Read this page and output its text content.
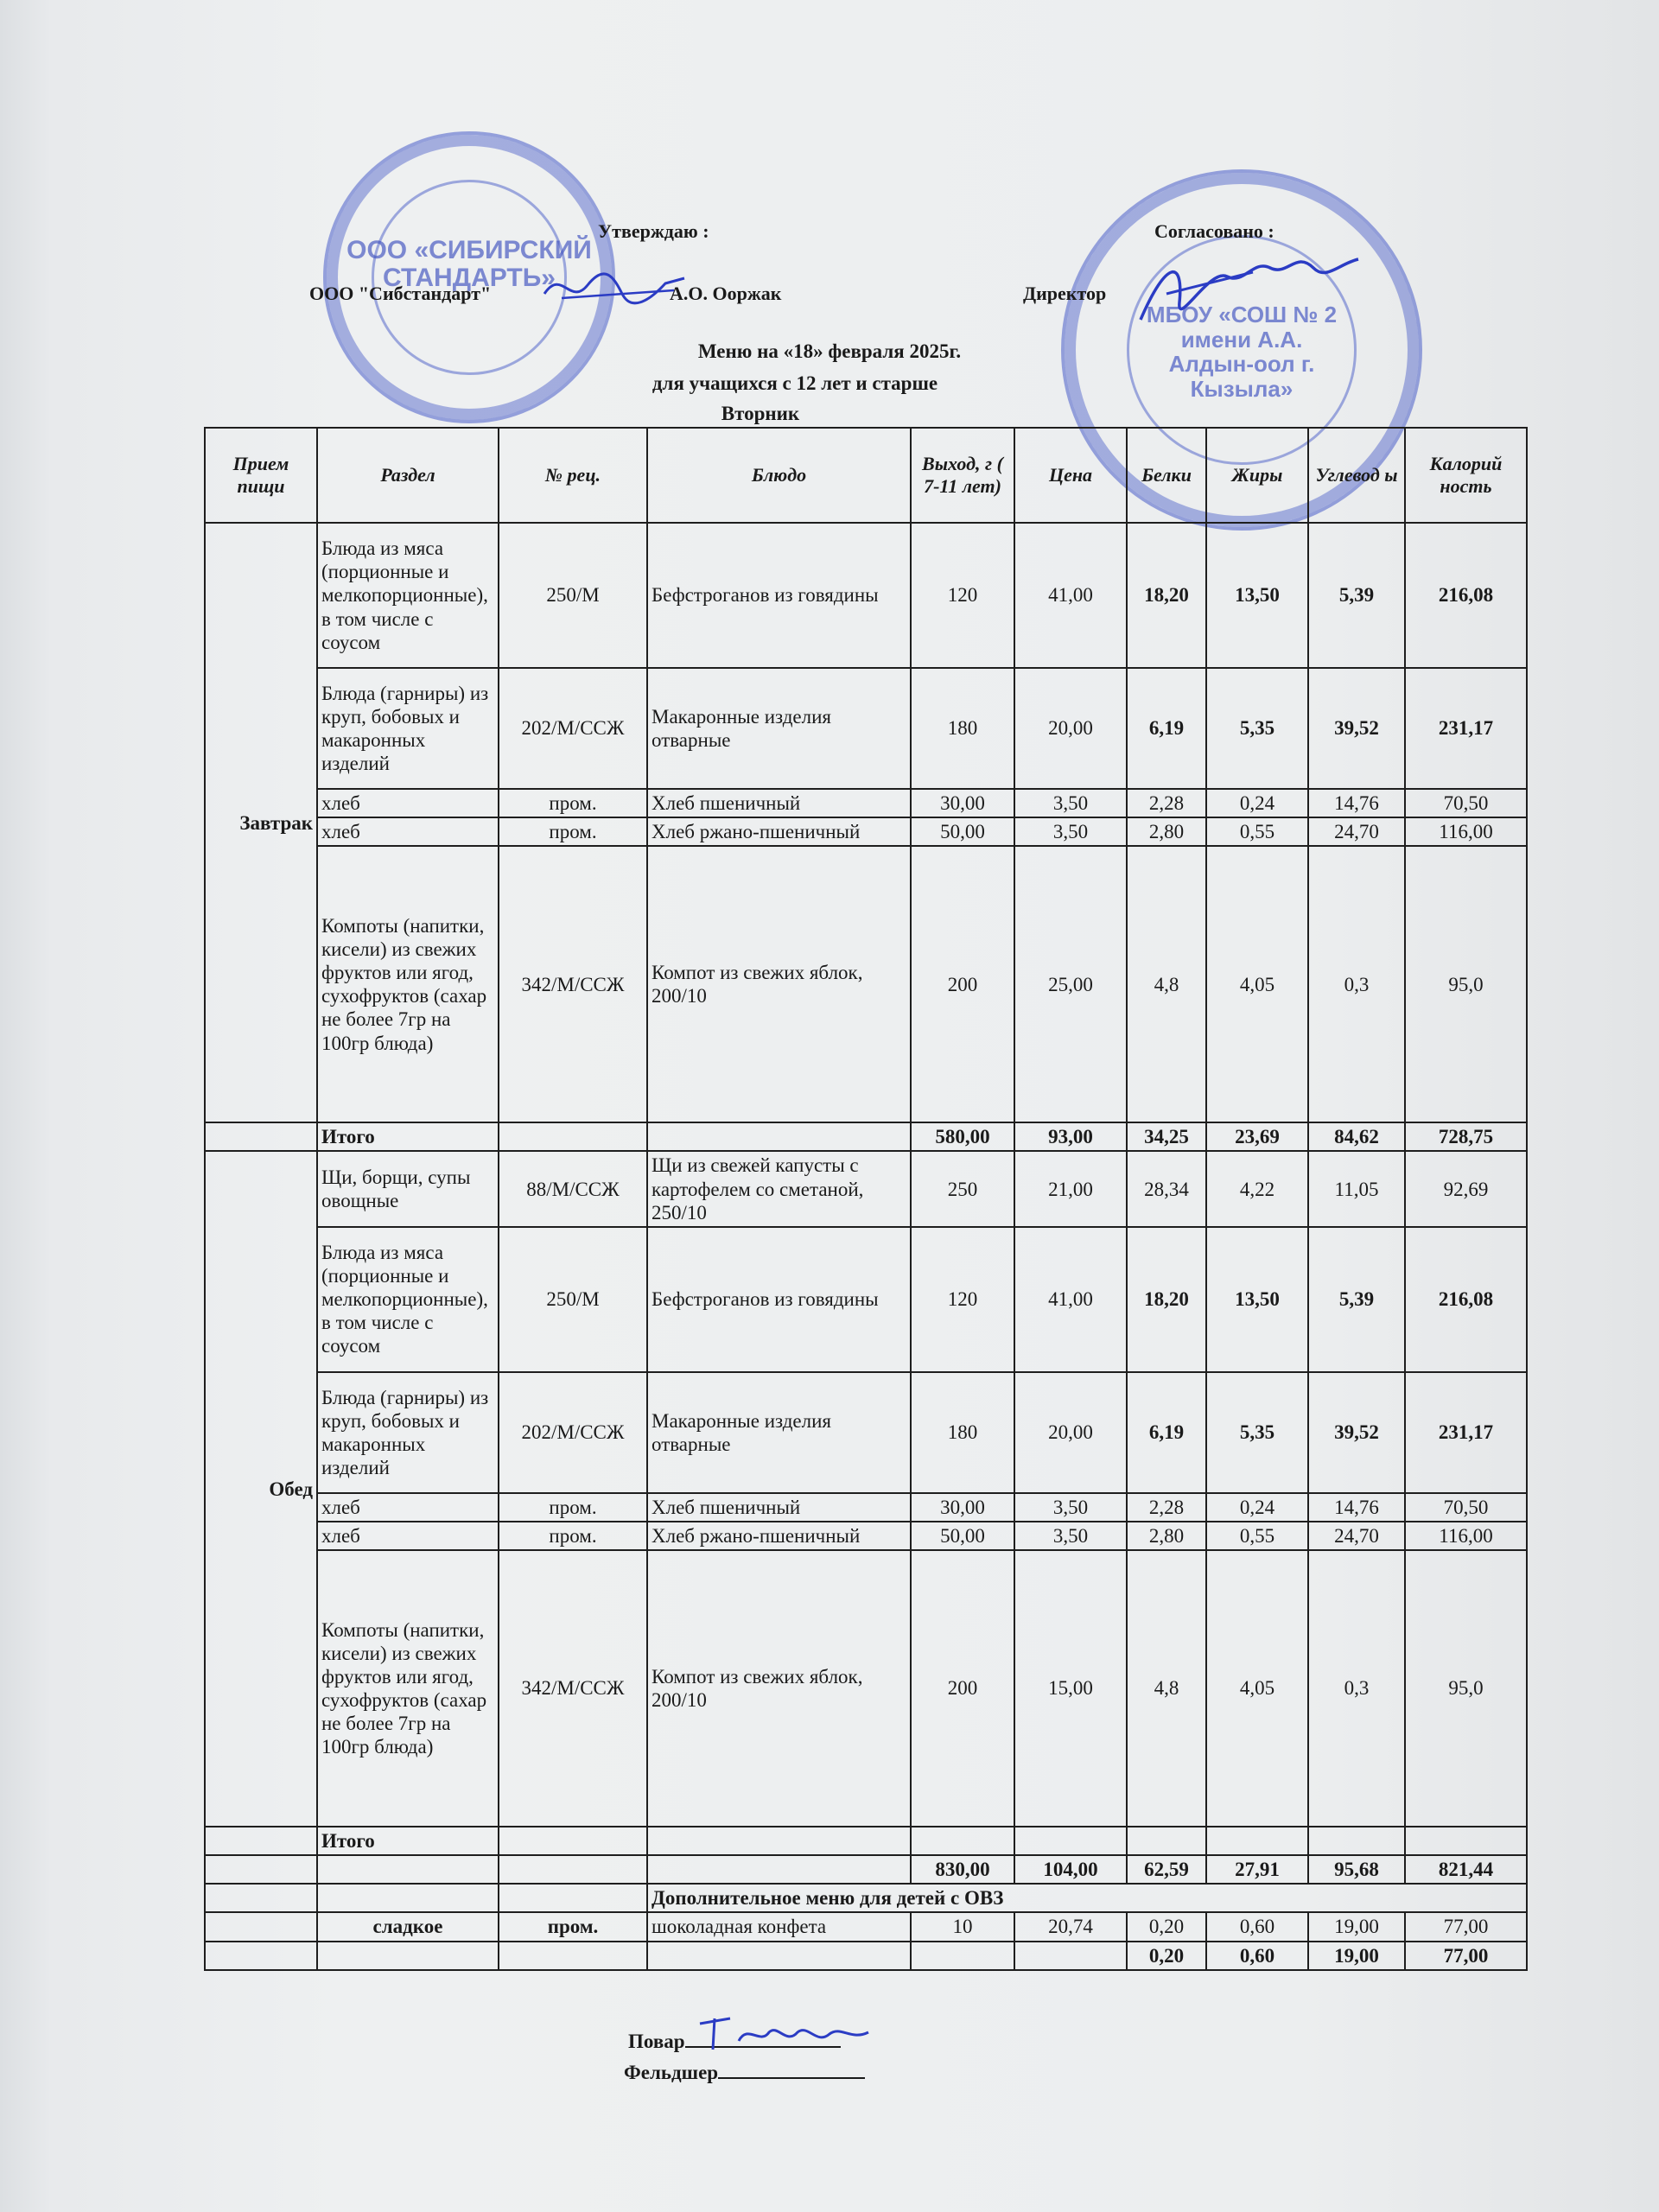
ООО «СИБИРСКИЙ СТАНДАРТЬ»
МБОУ «СОШ № 2 имени А.А. Алдын-оол г. Кызыла»
Утверждаю :
ООО "Сибстандарт"	А.О. Ооржак
Согласовано :
Директор
Меню на «18» февраля 2025г.
для учащихся с 12 лет и старше
Вторник
Прием пищи	Раздел	№ рец.	Блюдо	Выход, г ( 7-11 лет)	Цена	Белки	Жиры	Углевод ы	Калорий ность
Завтрак	Блюда из мяса (порционные и мелкопорционные), в том числе с соусом	250/М	Бефстроганов из говядины	120	41,00	18,20	13,50	5,39	216,08
	Блюда (гарниры) из круп, бобовых и макаронных изделий	202/М/ССЖ	Макаронные изделия отварные	180	20,00	6,19	5,35	39,52	231,17
	хлеб	пром.	Хлеб пшеничный	30,00	3,50	2,28	0,24	14,76	70,50
	хлеб	пром.	Хлеб ржано-пшеничный	50,00	3,50	2,80	0,55	24,70	116,00
	Компоты (напитки, кисели) из свежих фруктов или ягод, сухофруктов (сахар не более 7гр на 100гр блюда)	342/М/ССЖ	Компот из свежих яблок, 200/10	200	25,00	4,8	4,05	0,3	95,0
	Итого			580,00	93,00	34,25	23,69	84,62	728,75
Обед	Щи, борщи, супы овощные	88/М/ССЖ	Щи из свежей капусты с картофелем со сметаной, 250/10	250	21,00	28,34	4,22	11,05	92,69
	Блюда из мяса (порционные и мелкопорционные), в том числе с соусом	250/М	Бефстроганов из говядины	120	41,00	18,20	13,50	5,39	216,08
	Блюда (гарниры) из круп, бобовых и макаронных изделий	202/М/ССЖ	Макаронные изделия отварные	180	20,00	6,19	5,35	39,52	231,17
	хлеб	пром.	Хлеб пшеничный	30,00	3,50	2,28	0,24	14,76	70,50
	хлеб	пром.	Хлеб ржано-пшеничный	50,00	3,50	2,80	0,55	24,70	116,00
	Компоты (напитки, кисели) из свежих фруктов или ягод, сухофруктов (сахар не более 7гр на 100гр блюда)	342/М/ССЖ	Компот из свежих яблок, 200/10	200	15,00	4,8	4,05	0,3	95,0
	Итого								
				830,00	104,00	62,59	27,91	95,68	821,44
			Дополнительное меню для детей с ОВЗ						
	сладкое	пром.	шоколадная конфета	10	20,74	0,20	0,60	19,00	77,00
						0,20	0,60	19,00	77,00
Повар
Фельдшер
